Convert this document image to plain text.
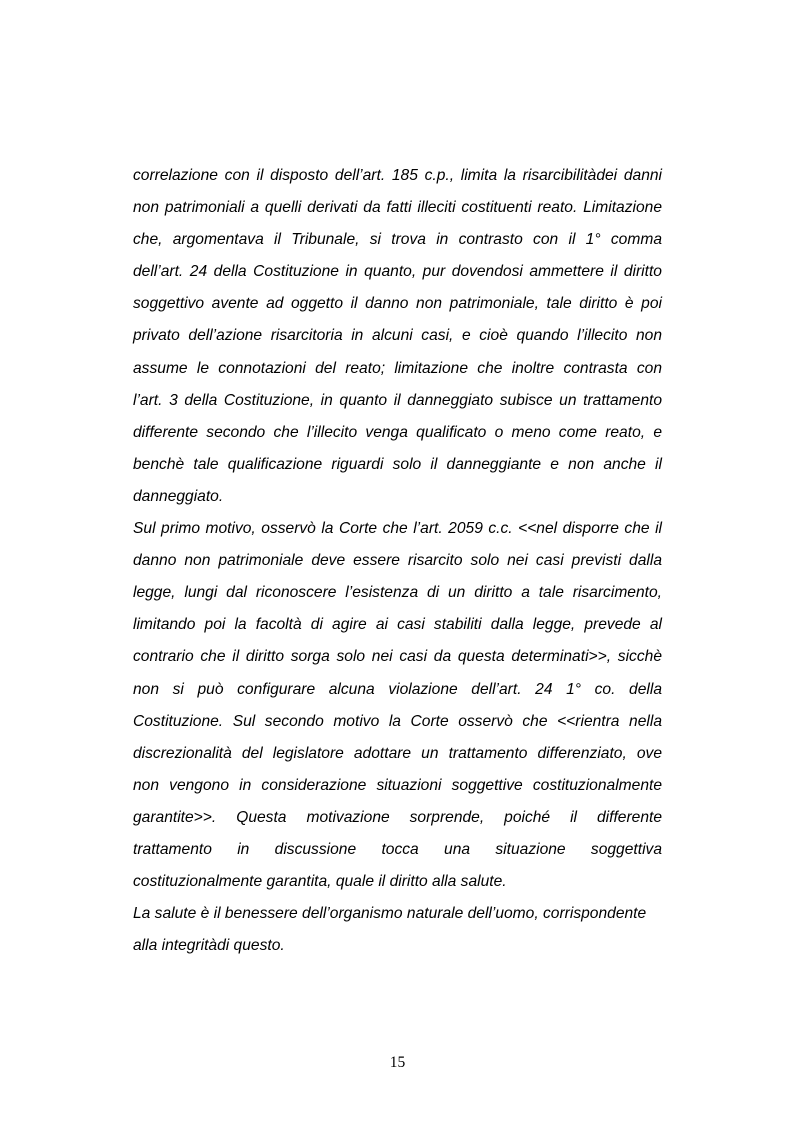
correlazione con il disposto dell’art. 185 c.p., limita la risarcibilitàdei danni
non patrimoniali a quelli derivati da fatti illeciti costituenti reato. Limitazione
che, argomentava il Tribunale, si trova in contrasto con il 1° comma
dell’art. 24 della Costituzione in quanto, pur dovendosi ammettere il diritto
soggettivo avente ad oggetto il danno non patrimoniale, tale diritto è poi
privato dell’azione risarcitoria in alcuni casi, e cioè quando l’illecito non
assume le connotazioni del reato; limitazione che inoltre contrasta con
l’art. 3 della Costituzione, in quanto il danneggiato subisce un trattamento
differente secondo che l’illecito venga qualificato o meno come reato, e
benchè tale qualificazione riguardi solo il danneggiante e non anche il
danneggiato.
Sul primo motivo, osservò la Corte che l’art. 2059 c.c. <<nel disporre che il
danno non patrimoniale deve essere risarcito solo nei casi previsti dalla
legge, lungi dal riconoscere l’esistenza di un diritto a tale risarcimento,
limitando poi la facoltà di agire ai casi stabiliti dalla legge, prevede al
contrario che il diritto sorga solo nei casi da questa determinati>>, sicchè
non si può configurare alcuna violazione dell’art. 24 1° co. della
Costituzione. Sul secondo motivo la Corte osservò che <<rientra nella
discrezionalità del legislatore adottare un trattamento differenziato, ove
non vengono in considerazione situazioni soggettive costituzionalmente
garantite>>. Questa motivazione sorprende, poiché il differente
trattamento in discussione tocca una situazione soggettiva
costituzionalmente garantita, quale il diritto alla salute.
La salute è il benessere dell’organismo naturale dell’uomo, corrispondente
alla integritàdi questo.
15
